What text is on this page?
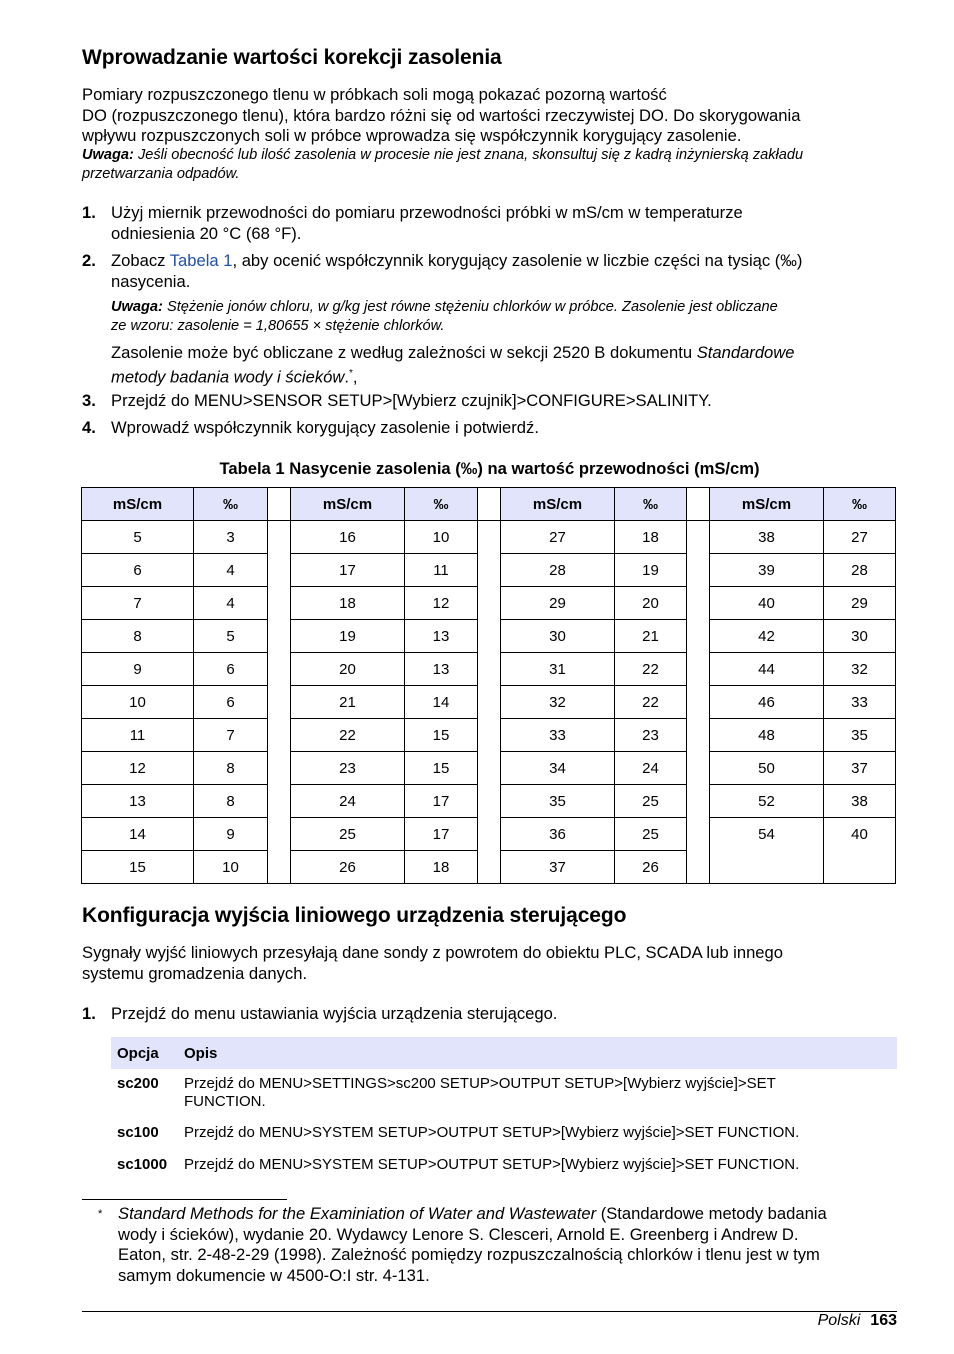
Wprowadzanie wartości korekcji zasolenia
Pomiary rozpuszczonego tlenu w próbkach soli mogą pokazać pozorną wartość
DO (rozpuszczonego tlenu), która bardzo różni się od wartości rzeczywistej DO. Do skorygowania
wpływu rozpuszczonych soli w próbce wprowadza się współczynnik korygujący zasolenie.
Uwaga: Jeśli obecność lub ilość zasolenia w procesie nie jest znana, skonsultuj się z kadrą inżynierską zakładu
przetwarzania odpadów.
1. Użyj miernik przewodności do pomiaru przewodności próbki w mS/cm w temperaturze
odniesienia 20 °C (68 °F).
2. Zobacz Tabela 1, aby ocenić współczynnik korygujący zasolenie w liczbie części na tysiąc (‰)
nasycenia.
Uwaga: Stężenie jonów chloru, w g/kg jest równe stężeniu chlorków w próbce. Zasolenie jest obliczane
ze wzoru: zasolenie = 1,80655 × stężenie chlorków.
Zasolenie może być obliczane z według zależności w sekcji 2520 B dokumentu Standardowe
metody badania wody i ścieków.*,
3. Przejdź do MENU>SENSOR SETUP>[Wybierz czujnik]>CONFIGURE>SALINITY.
4. Wprowadź współczynnik korygujący zasolenie i potwierdź.
Tabela 1 Nasycenie zasolenia (‰) na wartość przewodności (mS/cm)
mS/cm	‰		mS/cm	‰		mS/cm	‰		mS/cm	‰
5	3		16	10		27	18		38	27
6	4		17	11		28	19		39	28
7	4		18	12		29	20		40	29
8	5		19	13		30	21		42	30
9	6		20	13		31	22		44	32
10	6		21	14		32	22		46	33
11	7		22	15		33	23		48	35
12	8		23	15		34	24		50	37
13	8		24	17		35	25		52	38
14	9		25	17		36	25		54	40
15	10		26	18		37	26			
Konfiguracja wyjścia liniowego urządzenia sterującego
Sygnały wyjść liniowych przesyłają dane sondy z powrotem do obiektu PLC, SCADA lub innego
systemu gromadzenia danych.
1. Przejdź do menu ustawiania wyjścia urządzenia sterującego.
Opcja	Opis
sc200	Przejdź do MENU>SETTINGS>sc200 SETUP>OUTPUT SETUP>[Wybierz wyjście]>SET
FUNCTION.
sc100	Przejdź do MENU>SYSTEM SETUP>OUTPUT SETUP>[Wybierz wyjście]>SET FUNCTION.
sc1000	Przejdź do MENU>SYSTEM SETUP>OUTPUT SETUP>[Wybierz wyjście]>SET FUNCTION.
* Standard Methods for the Examiniation of Water and Wastewater (Standardowe metody badania
wody i ścieków), wydanie 20. Wydawcy Lenore S. Clesceri, Arnold E. Greenberg i Andrew D.
Eaton, str. 2-48-2-29 (1998). Zależność pomiędzy rozpuszczalnością chlorków i tlenu jest w tym
samym dokumencie w 4500-O:I str. 4-131.
Polski 163
